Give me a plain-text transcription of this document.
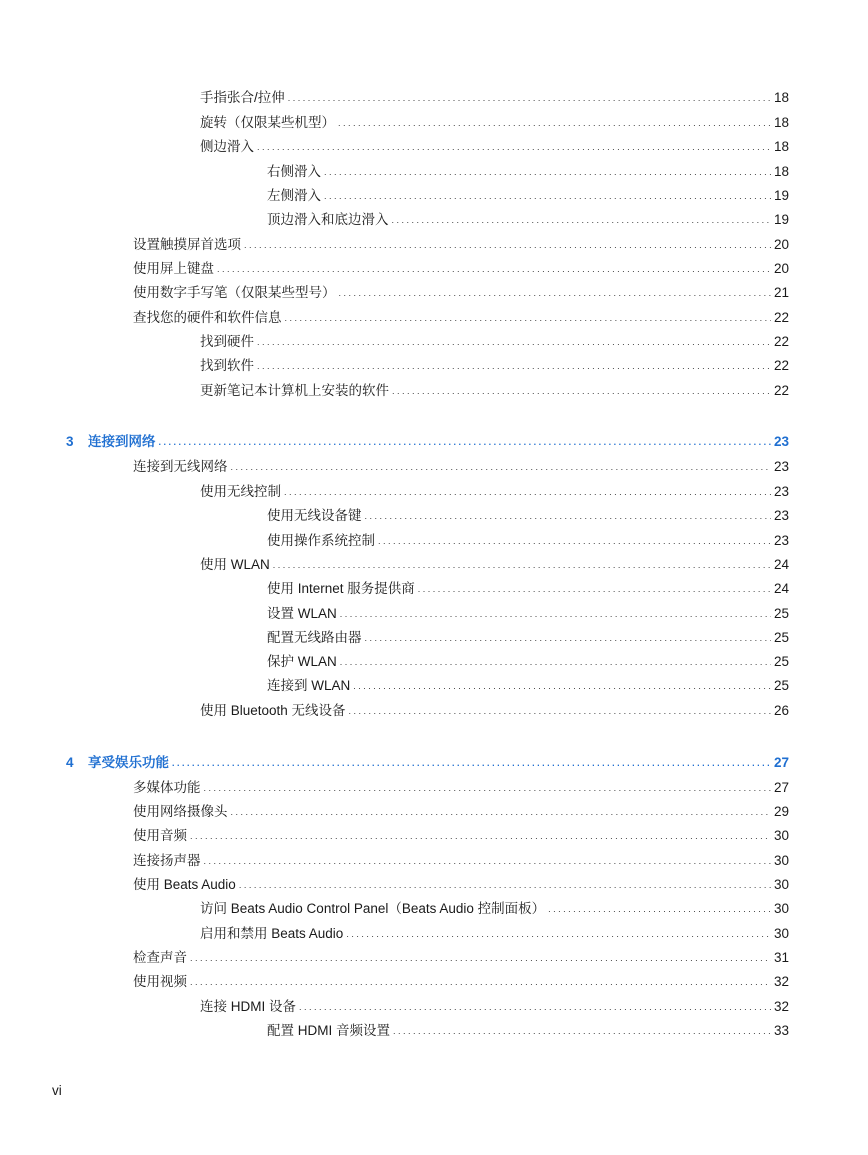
手指张合/拉伸 . . .	18
旋转（仅限某些机型） . . .	18
侧边滑入 . . .	18
右侧滑入 . . .	18
左侧滑入 . . .	19
顶边滑入和底边滑入 . . .	19
设置触摸屏首选项 . . .	20
使用屏上键盘 . . .	20
使用数字手写笔（仅限某些型号） . . .	21
查找您的硬件和软件信息 . . .	22
找到硬件 . . .	22
找到软件 . . .	22
更新笔记本计算机上安装的软件 . . .	22
3	连接到网络 . . .	23
连接到无线网络 . . .	23
使用无线控制 . . .	23
使用无线设备键 . . .	23
使用操作系统控制 . . .	23
使用 WLAN . . .	24
使用 Internet 服务提供商 . . .	24
设置 WLAN . . .	25
配置无线路由器 . . .	25
保护 WLAN . . .	25
连接到 WLAN . . .	25
使用 Bluetooth 无线设备 . . .	26
4	享受娱乐功能 . . .	27
多媒体功能 . . .	27
使用网络摄像头 . . .	29
使用音频 . . .	30
连接扬声器 . . .	30
使用 Beats Audio . . .	30
访问 Beats Audio Control Panel（Beats Audio 控制面板） . . .	30
启用和禁用 Beats Audio . . .	30
检查声音 . . .	31
使用视频 . . .	32
连接 HDMI 设备 . . .	32
配置 HDMI 音频设置 . . .	33
vi
